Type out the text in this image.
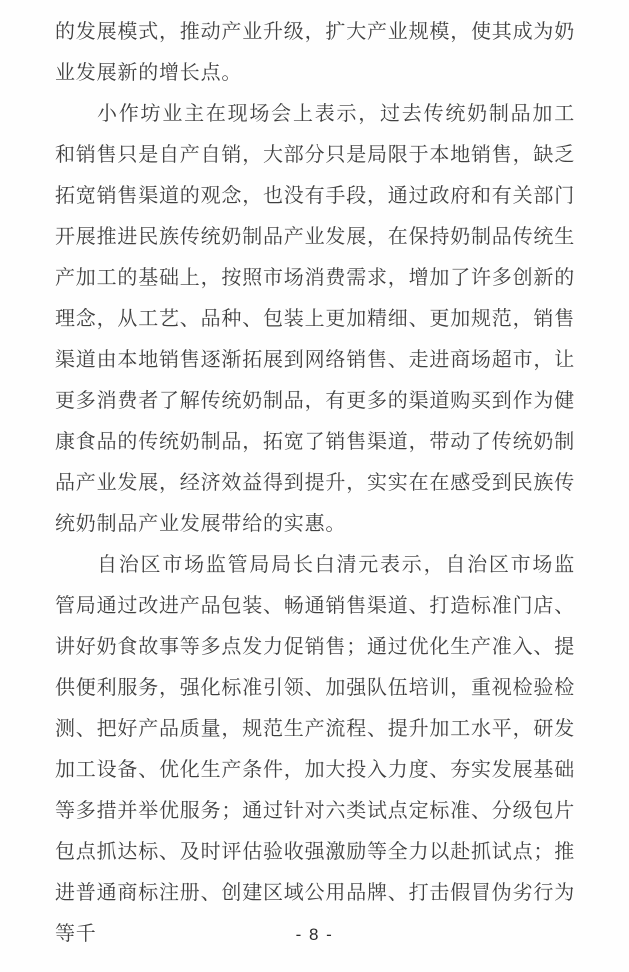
的发展模式，推动产业升级，扩大产业规模，使其成为奶业发展新的增长点。

小作坊业主在现场会上表示，过去传统奶制品加工和销售只是自产自销，大部分只是局限于本地销售，缺乏拓宽销售渠道的观念，也没有手段，通过政府和有关部门开展推进民族传统奶制品产业发展，在保持奶制品传统生产加工的基础上，按照市场消费需求，增加了许多创新的理念，从工艺、品种、包装上更加精细、更加规范，销售渠道由本地销售逐渐拓展到网络销售、走进商场超市，让更多消费者了解传统奶制品，有更多的渠道购买到作为健康食品的传统奶制品，拓宽了销售渠道，带动了传统奶制品产业发展，经济效益得到提升，实实在在感受到民族传统奶制品产业发展带给的实惠。

自治区市场监管局局长白清元表示，自治区市场监管局通过改进产品包装、畅通销售渠道、打造标准门店、讲好奶食故事等多点发力促销售；通过优化生产准入、提供便利服务，强化标准引领、加强队伍培训，重视检验检测、把好产品质量，规范生产流程、提升加工水平，研发加工设备、优化生产条件，加大投入力度、夯实发展基础等多措并举优服务；通过针对六类试点定标准、分级包片包点抓达标、及时评估验收强激励等全力以赴抓试点；推进普通商标注册、创建区域公用品牌、打击假冒伪劣行为等千	- 8 -
